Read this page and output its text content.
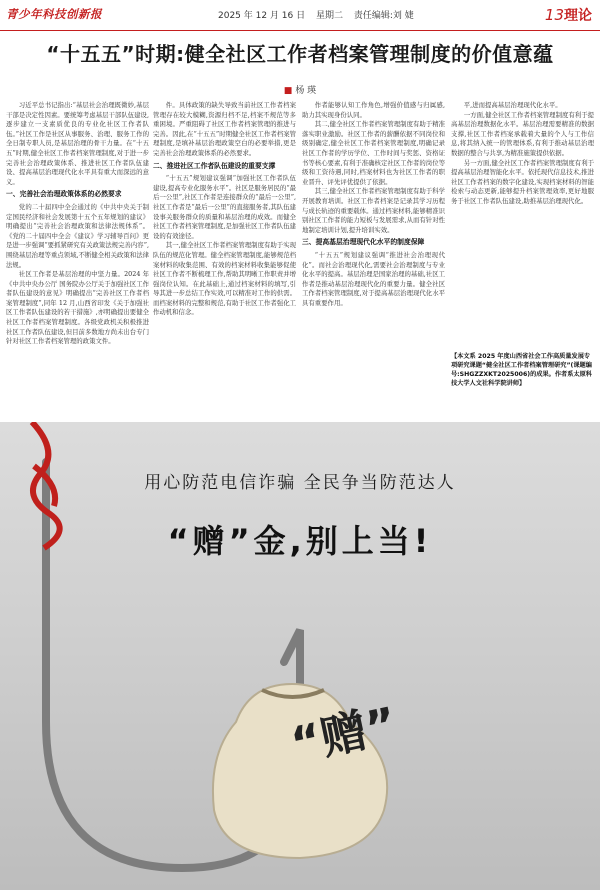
青少年科技创新报	2025 年 12 月 16 日 星期二 责任编辑:刘 婕	13理论
“十五五”时期:健全社区工作者档案管理制度的价值意蕴
■ 杨 瑛

习近平总书记指出:“基层社会治理既微妙,基层干部是决定性因素。要统筹考虑基层干部队伍建设,逐步建立一支素质优良的专业化社区工作者队伍。”社区工作是社区从事服务、治理、服务工作的全日制专职人员,是基层治理的骨干力量。在“十五五”时期,健全社区工作者档案管理制度,对于进一步完善社会治理政策体系、推进社区工作者队伍建设、提高基层治理现代化水平具有重大而深远的意义。

一、完善社会治理政策体系的必然要求

党的二十届四中全会通过的《中共中央关于制定国民经济和社会发展第十五个五年规划的建议》明确提出“完善社会治理政策和法律法规体系”。《党的二十届四中全会《建议》学习辅导百问》更是进一步强调“要抓紧研究有关政策法规完善内容”,围绕基层治理等重点领域,不断健全相关政策和法律法规。

社区工作者是基层治理的中坚力量。2024 年《中共中央办公厅 国务院办公厅关于加强社区工作者队伍建设的意见》明确提出“完善社区工作者档案管理制度”,同年 12 月,山西省印发《关于加强社区工作者队伍建设的若干措施》,亦明确提出要健全社区工作者档案管理制度。各级党政机关积极推进社区工作者队伍建设,但目前多数地方尚未出台专门针对社区工作者档案管理的政策文件。

件。具体政策的缺失导致当前社区工作者档案管理存在较大模糊,资源归档不足,档案不规范等多重困境。严重阻碍了社区工作者档案管理的推进与完善。因此,在“十五五”时期健全社区工作者档案管理制度,是填补基层治理政策空白的必要举措,更是完善社会治理政策体系的必然要求。

二、推进社区工作者队伍建设的重要支撑

“十五五”规划建议强调“加强社区工作者队伍建设,提高专业化服务水平”。社区是服务居民的“最后一公里”,社区工作者是连接群众的“最后一公里”,社区工作者是“最后一公里”的直接服务者,其队伍建设事关服务群众的质量和基层治理的成效。而健全社区工作者档案管理制度,是加强社区工作者队伍建设的有效途径。

其一,健全社区工作者档案管理制度有助于实现队伍的规范化管理。健全档案管理制度,能够规范档案材料的收集范围、有效的档案材料收集能够促使社区工作者不断梳理工作,帮助其明晰工作职责并增强岗位认知。在此基础上,通过档案材料的填写,引导其进一步总结工作实效,可以精准对工作的供需。而档案材料的完整和规范,有助于社区工作者强化工作动机和信念。

作者能够认知工作角色,增强价值感与归属感,助力其实现身份认同。

其二,健全社区工作者档案管理制度有助于精准落实职业激励。社区工作者的薪酬依据不同岗位和级别确定,健全社区工作者档案管理制度,明确记录社区工作者的学历学位、工作时间与奖惩、资格证书等核心要素,有利于准确核定社区工作者的岗位等级和工资待遇,同时,档案材料也为社区工作者的职业晋升、评先评优提供了依据。

其三,健全社区工作者档案管理制度有助于科学开展教育培训。社区工作者档案是记录其学习历程与成长轨迹的重要载体。通过档案材料,能够精准识别社区工作者的能力短板与发展需求,从而有针对性地制定培训计划,提升培训实效。

三、提高基层治理现代化水平的制度保障

“十五五”规划建议强调“推进社会治理现代化”。而社会治理现代化,需要社会治理制度与专业化水平的提高。基层治理是国家治理的基础,社区工作者是推动基层治理现代化的重要力量。健全社区工作者档案管理制度,对于提高基层治理现代化水平具有重要作用。

平,进而提高基层治理现代化水平。

一方面,健全社区工作者档案管理制度有利于提高基层治理数据化水平。基层治理需要精准的数据支撑,社区工作者档案承载着大量的个人与工作信息,将其纳入统一的管理体系,有利于推动基层治理数据的整合与共享,为精准施策提供依据。

另一方面,健全社区工作者档案管理制度有利于提高基层治理智能化水平。依托现代信息技术,推进社区工作者档案的数字化建设,实现档案材料的智能检索与动态更新,能够提升档案管理效率,更好地服务于社区工作者队伍建设,助推基层治理现代化。

【本文系 2025 年度山西省社会工作高质量发展专项研究课题“健全社区工作者档案管理研究”(课题编号:SHGZZXKT2025006)的成果。作者系太原科技大学人文社科学院讲师】
用心防范电信诈骗 全民争当防范达人
“赠”金,别上当!
“赠”
